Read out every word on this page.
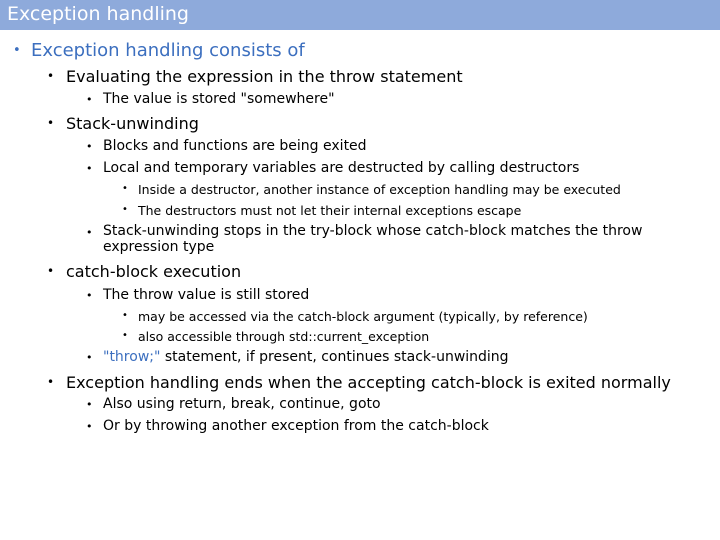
Exception handling
• Exception handling consists of
• Evaluating the expression in the throw statement
• The value is stored "somewhere"
• Stack-unwinding
• Blocks and functions are being exited
• Local and temporary variables are destructed by calling destructors
• Inside a destructor, another instance of exception handling may be executed
• The destructors must not let their internal exceptions escape
• Stack-unwinding stops in the try-block whose catch-block matches the throw expression type
• catch-block execution
• The throw value is still stored
• may be accessed via the catch-block argument (typically, by reference)
• also accessible through std::current_exception
• "throw;" statement, if present, continues stack-unwinding
• Exception handling ends when the accepting catch-block is exited normally
• Also using return, break, continue, goto
• Or by throwing another exception from the catch-block
